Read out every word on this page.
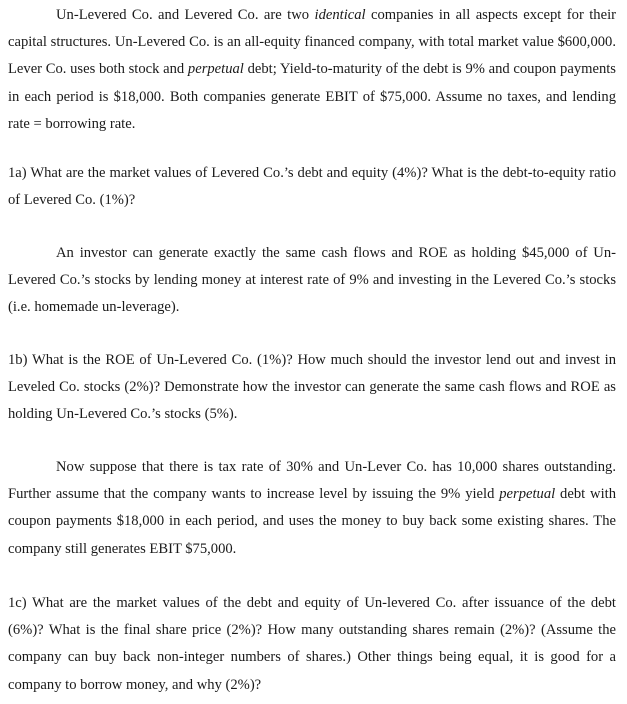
Un-Levered Co. and Levered Co. are two identical companies in all aspects except for their capital structures. Un-Levered Co. is an all-equity financed company, with total market value $600,000. Lever Co. uses both stock and perpetual debt; Yield-to-maturity of the debt is 9% and coupon payments in each period is $18,000. Both companies generate EBIT of $75,000. Assume no taxes, and lending rate = borrowing rate.

1a) What are the market values of Levered Co.’s debt and equity (4%)? What is the debt-to-equity ratio of Levered Co. (1%)?

An investor can generate exactly the same cash flows and ROE as holding $45,000 of Un-Levered Co.’s stocks by lending money at interest rate of 9% and investing in the Levered Co.’s stocks (i.e. homemade un-leverage).

1b) What is the ROE of Un-Levered Co. (1%)? How much should the investor lend out and invest in Leveled Co. stocks (2%)? Demonstrate how the investor can generate the same cash flows and ROE as holding Un-Levered Co.’s stocks (5%).

Now suppose that there is tax rate of 30% and Un-Lever Co. has 10,000 shares outstanding. Further assume that the company wants to increase level by issuing the 9% yield perpetual debt with coupon payments $18,000 in each period, and uses the money to buy back some existing shares. The company still generates EBIT $75,000.

1c) What are the market values of the debt and equity of Un-levered Co. after issuance of the debt (6%)? What is the final share price (2%)? How many outstanding shares remain (2%)? (Assume the company can buy back non-integer numbers of shares.) Other things being equal, it is good for a company to borrow money, and why (2%)?
